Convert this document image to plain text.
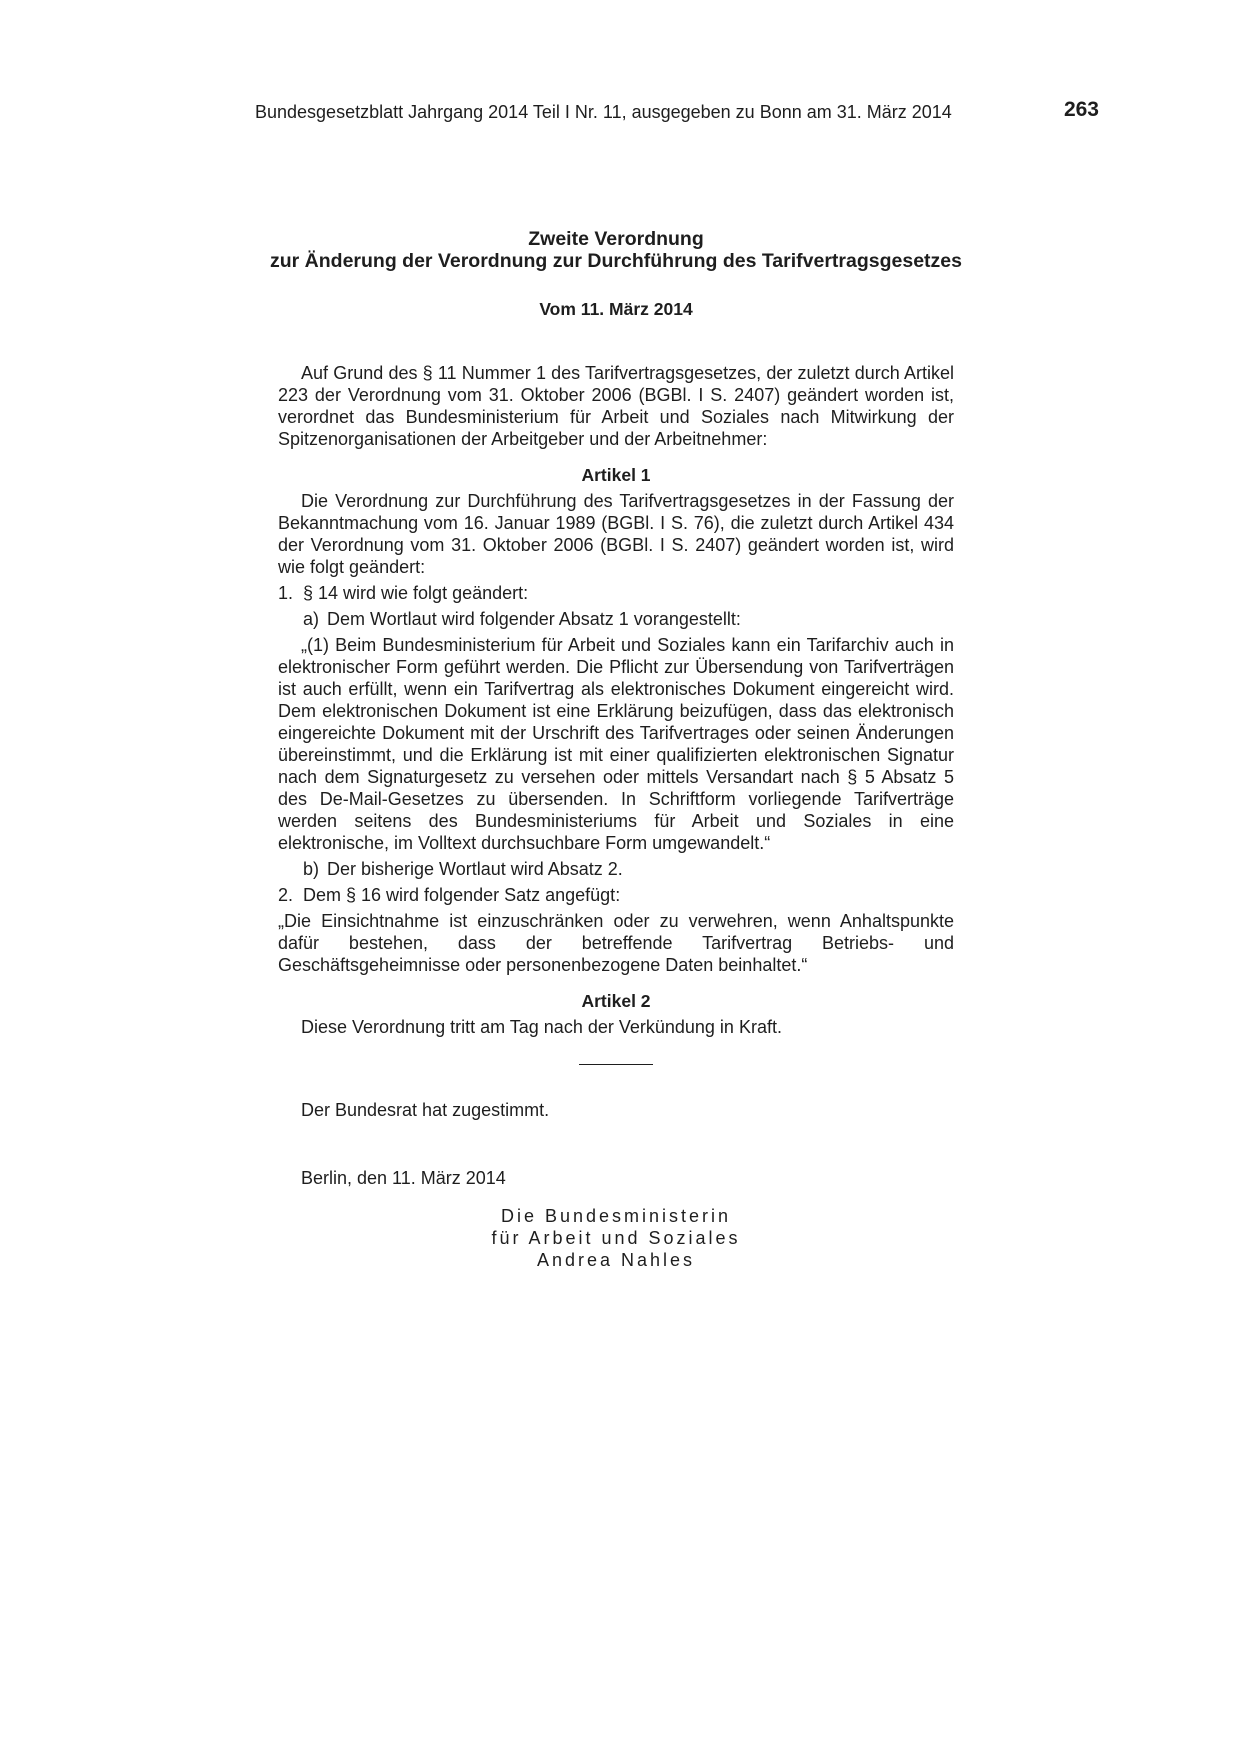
Bundesgesetzblatt Jahrgang 2014 Teil I Nr. 11, ausgegeben zu Bonn am 31. März 2014	263
Zweite Verordnung
zur Änderung der Verordnung zur Durchführung des Tarifvertragsgesetzes
Vom 11. März 2014

Auf Grund des § 11 Nummer 1 des Tarifvertragsgesetzes, der zuletzt durch Artikel 223 der Verordnung vom 31. Oktober 2006 (BGBl. I S. 2407) geändert worden ist, verordnet das Bundesministerium für Arbeit und Soziales nach Mitwirkung der Spitzenorganisationen der Arbeitgeber und der Arbeitnehmer:

Artikel 1

Die Verordnung zur Durchführung des Tarifvertragsgesetzes in der Fassung der Bekanntmachung vom 16. Januar 1989 (BGBl. I S. 76), die zuletzt durch Artikel 434 der Verordnung vom 31. Oktober 2006 (BGBl. I S. 2407) geändert worden ist, wird wie folgt geändert:

1. § 14 wird wie folgt geändert:
a) Dem Wortlaut wird folgender Absatz 1 vorangestellt:

„(1) Beim Bundesministerium für Arbeit und Soziales kann ein Tarifarchiv auch in elektronischer Form geführt werden. Die Pflicht zur Übersendung von Tarifverträgen ist auch erfüllt, wenn ein Tarifvertrag als elektronisches Dokument eingereicht wird. Dem elektronischen Dokument ist eine Erklärung beizufügen, dass das elektronisch eingereichte Dokument mit der Urschrift des Tarifvertrages oder seinen Änderungen übereinstimmt, und die Erklärung ist mit einer qualifizierten elektronischen Signatur nach dem Signaturgesetz zu versehen oder mittels Versandart nach § 5 Absatz 5 des De-Mail-Gesetzes zu übersenden. In Schriftform vorliegende Tarifverträge werden seitens des Bundesministeriums für Arbeit und Soziales in eine elektronische, im Volltext durchsuchbare Form umgewandelt.“

b) Der bisherige Wortlaut wird Absatz 2.
2. Dem § 16 wird folgender Satz angefügt:

„Die Einsichtnahme ist einzuschränken oder zu verwehren, wenn Anhaltspunkte dafür bestehen, dass der betreffende Tarifvertrag Betriebs- und Geschäftsgeheimnisse oder personenbezogene Daten beinhaltet.“

Artikel 2

Diese Verordnung tritt am Tag nach der Verkündung in Kraft.

Der Bundesrat hat zugestimmt.

Berlin, den 11. März 2014

Die Bundesministerin
für Arbeit und Soziales
Andrea Nahles
